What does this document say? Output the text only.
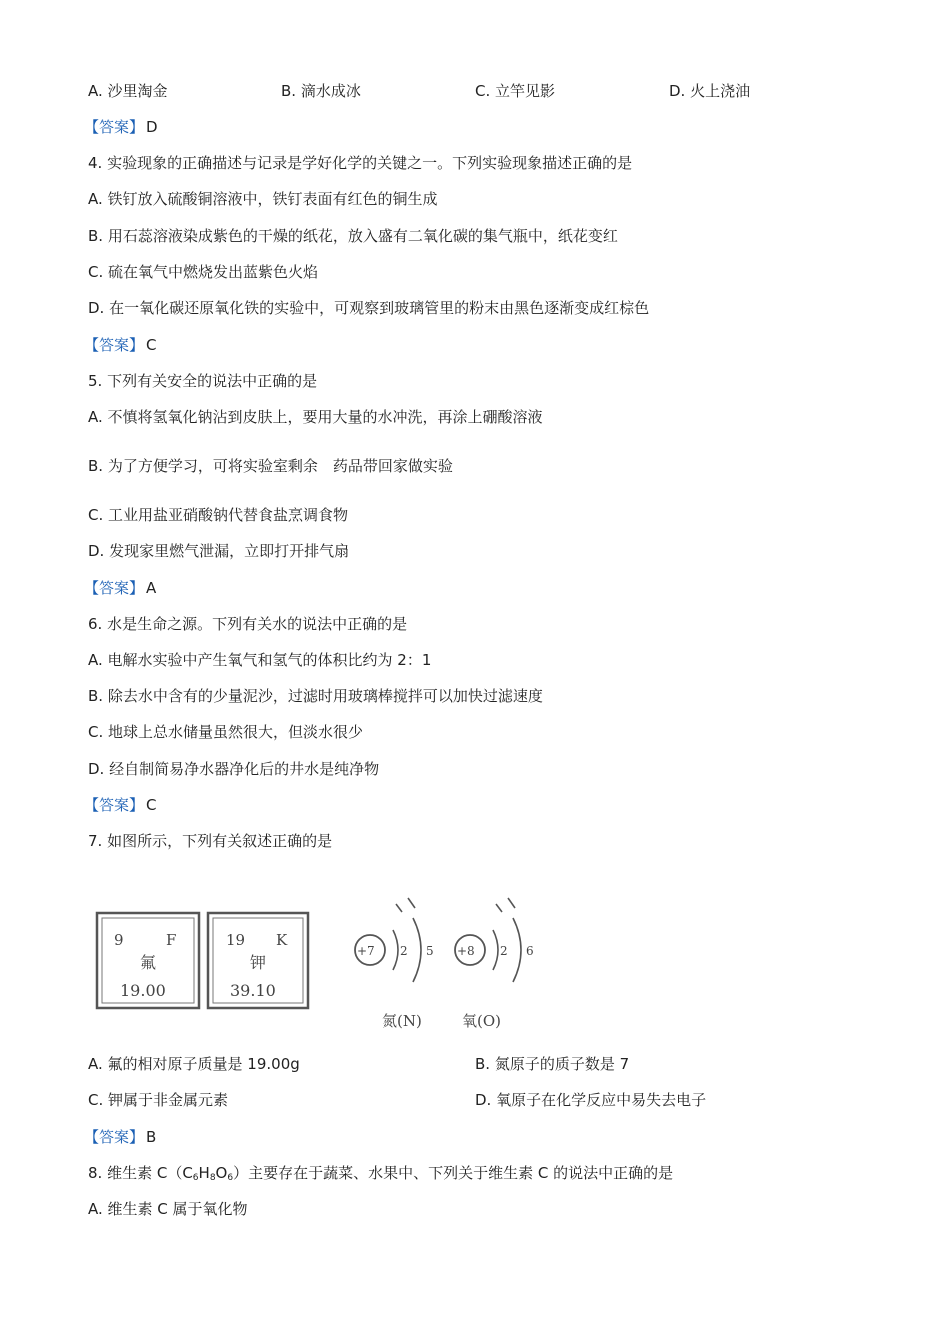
A. 沙里淘金	B. 滴水成冰	C. 立竿见影	D. 火上浇油
【答案】 D
4. 实验现象的正确描述与记录是学好化学的关键之一。下列实验现象描述正确的是
A. 铁钉放入硫酸铜溶液中，铁钉表面有红色的铜生成
B. 用石蕊溶液染成紫色的干燥的纸花，放入盛有二氧化碳的集气瓶中，纸花变红
C. 硫在氧气中燃烧发出蓝紫色火焰
D. 在一氧化碳还原氧化铁的实验中，可观察到玻璃管里的粉末由黑色逐渐变成红棕色
【答案】 C
5. 下列有关安全的说法中正确的是
A. 不慎将氢氧化钠沾到皮肤上，要用大量的水冲洗，再涂上硼酸溶液
B. 为了方便学习，可将实验室剩余　药品带回家做实验
C. 工业用盐亚硝酸钠代替食盐烹调食物
D. 发现家里燃气泄漏，立即打开排气扇
【答案】 A
6. 水是生命之源。下列有关水的说法中正确的是
A. 电解水实验中产生氧气和氢气的体积比约为 2：1
B. 除去水中含有的少量泥沙，过滤时用玻璃棒搅拌可以加快过滤速度
C. 地球上总水储量虽然很大，但淡水很少
D. 经自制简易净水器净化后的井水是纯净物
【答案】 C
7. 如图所示，下列有关叙述正确的是
9	F
氟
19.00
19 K
钾
39.10
+7 2 5
氮(N)
+8 2 6
氧(O)
A. 氟的相对原子质量是 19.00g	B. 氮原子的质子数是 7
C. 钾属于非金属元素	D. 氧原子在化学反应中易失去电子
【答案】 B
8. 维生素 $C(C_6H_8O_6)$主要存在于蔬菜、水果中、下列关于维生素 C 的说法中正确的是
A. 维生素 C 属于氧化物
